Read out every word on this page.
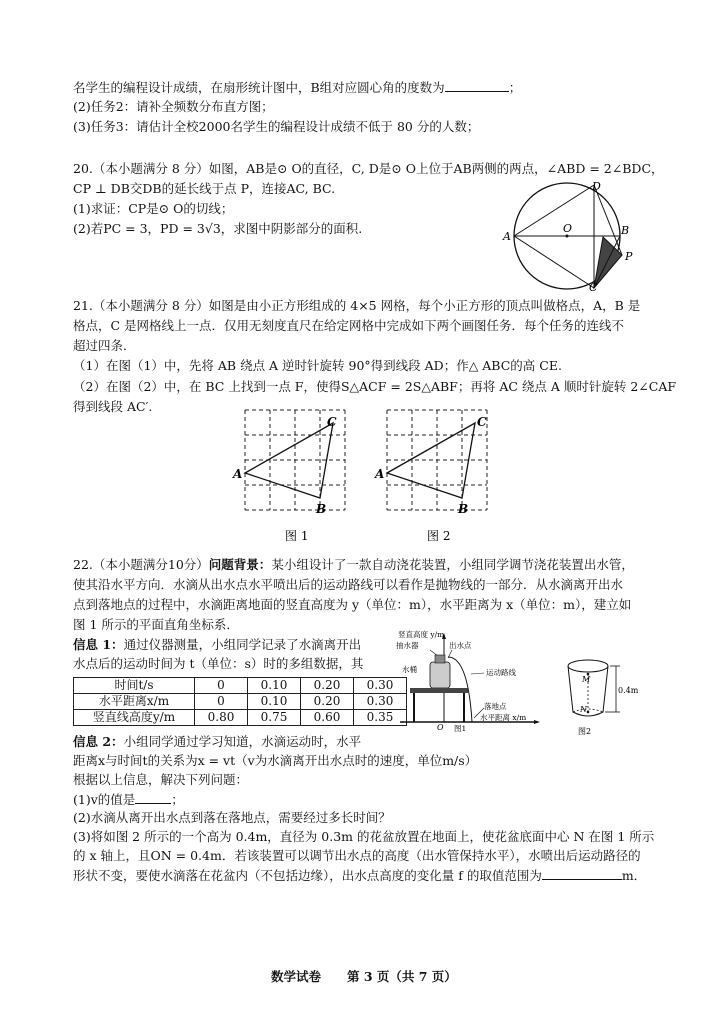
名学生的编程设计成绩，在扇形统计图中，B组对应圆心角的度数为	；
(2)任务2：请补全频数分布直方图；
(3)任务3：请估计全校2000名学生的编程设计成绩不低于 80 分的人数；
20.（本小题满分 8 分）如图，AB是⊙ O的直径，C, D是⊙ O上位于AB两侧的两点，∠ABD = 2∠BDC，
CP ⊥ DB交DB的延长线于点 P，连接AC, BC.
(1)求证：CP是⊙ O的切线；
(2)若PC = 3，PD = 3√3，求图中阴影部分的面积.
D
O
A	B
P
C
21.（本小题满分 8 分）如图是由小正方形组成的 4×5 网格，每个小正方形的顶点叫做格点，A，B 是
格点，C 是网格线上一点．仅用无刻度直尺在给定网格中完成如下两个画图任务．每个任务的连线不
超过四条．
（1）在图（1）中，先将 AB 绕点 A 逆时针旋转 90°得到线段 AD；作△ ABC的高 CE.
（2）在图（2）中，在 BC 上找到一点 F，使得S△ACF = 2S△ABF；再将 AC 绕点 A 顺时针旋转 2∠CAF
得到线段 AC′.
A
B
C
图 1
A
B
C
图 2
22.（本小题满分10分）问题背景：某小组设计了一款自动浇花装置，小组同学调节浇花装置出水管，
使其沿水平方向．水滴从出水点水平喷出后的运动路线可以看作是抛物线的一部分．从水滴离开出水
点到落地点的过程中，水滴距离地面的竖直高度为 y（单位：m），水平距离为 x（单位：m），建立如
图 1 所示的平面直角坐标系．
信息 1：通过仪器测量，小组同学记录了水滴离开出
水点后的运动时间为 t（单位：s）时的多组数据，其
时间t/s	0	0.10	0.20	0.30
水平距离x/m	0	0.10	0.20	0.30
竖直线高度y/m	0.80	0.75	0.60	0.35
信息 2：小组同学通过学习知道，水滴运动时，水平
距离x与时间t的关系为x = vt（v为水滴离开出水点时的速度，单位m/s）
根据以上信息，解决下列问题：
(1)v的值是	；
(2)水滴从离开出水点到落在落地点，需要经过多长时间？
(3)将如图 2 所示的一个高为 0.4m，直径为 0.3m 的花盆放置在地面上，使花盆底面中心 N 在图 1 所示
的 x 轴上，且ON = 0.4m．若该装置可以调节出水点的高度（出水管保持水平），水喷出后运动路径的
形状不变，要使水滴落在花盆内（不包括边缘），出水点高度的变化量 f 的取值范围为	m．
竖直高度 y/m
抽水器	出水点
水桶	运动路线
落地点
水平距离 x/m
O 图1
M
N
0.4m
图2
数学试卷 第 3 页（共 7 页）
